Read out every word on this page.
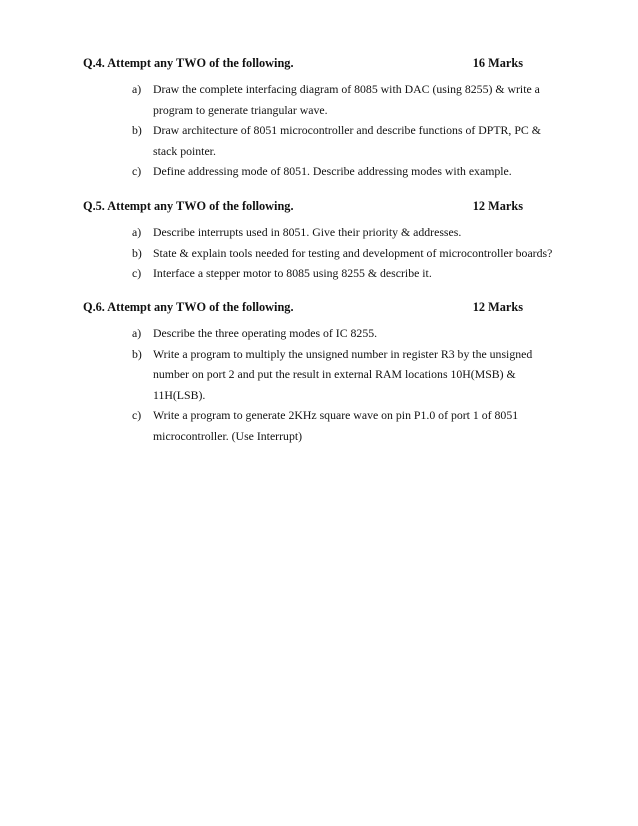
Q.4. Attempt any TWO of the following.	16 Marks
a) Draw the complete interfacing diagram of 8085 with DAC (using 8255) & write a
program to generate triangular wave.
b) Draw architecture of 8051 microcontroller and describe functions of DPTR, PC &
stack pointer.
c) Define addressing mode of 8051. Describe addressing modes with example.
Q.5. Attempt any TWO of the following.	12 Marks
a) Describe interrupts used in 8051. Give their priority & addresses.
b) State & explain tools needed for testing and development of microcontroller boards?
c) Interface a stepper motor to 8085 using 8255 & describe it.
Q.6. Attempt any TWO of the following.	12 Marks
a) Describe the three operating modes of IC 8255.
b) Write a program to multiply the unsigned number in register R3 by the unsigned
number on port 2 and put the result in external RAM locations 10H(MSB) &
11H(LSB).
c) Write a program to generate 2KHz square wave on pin P1.0 of port 1 of 8051
microcontroller. (Use Interrupt)
